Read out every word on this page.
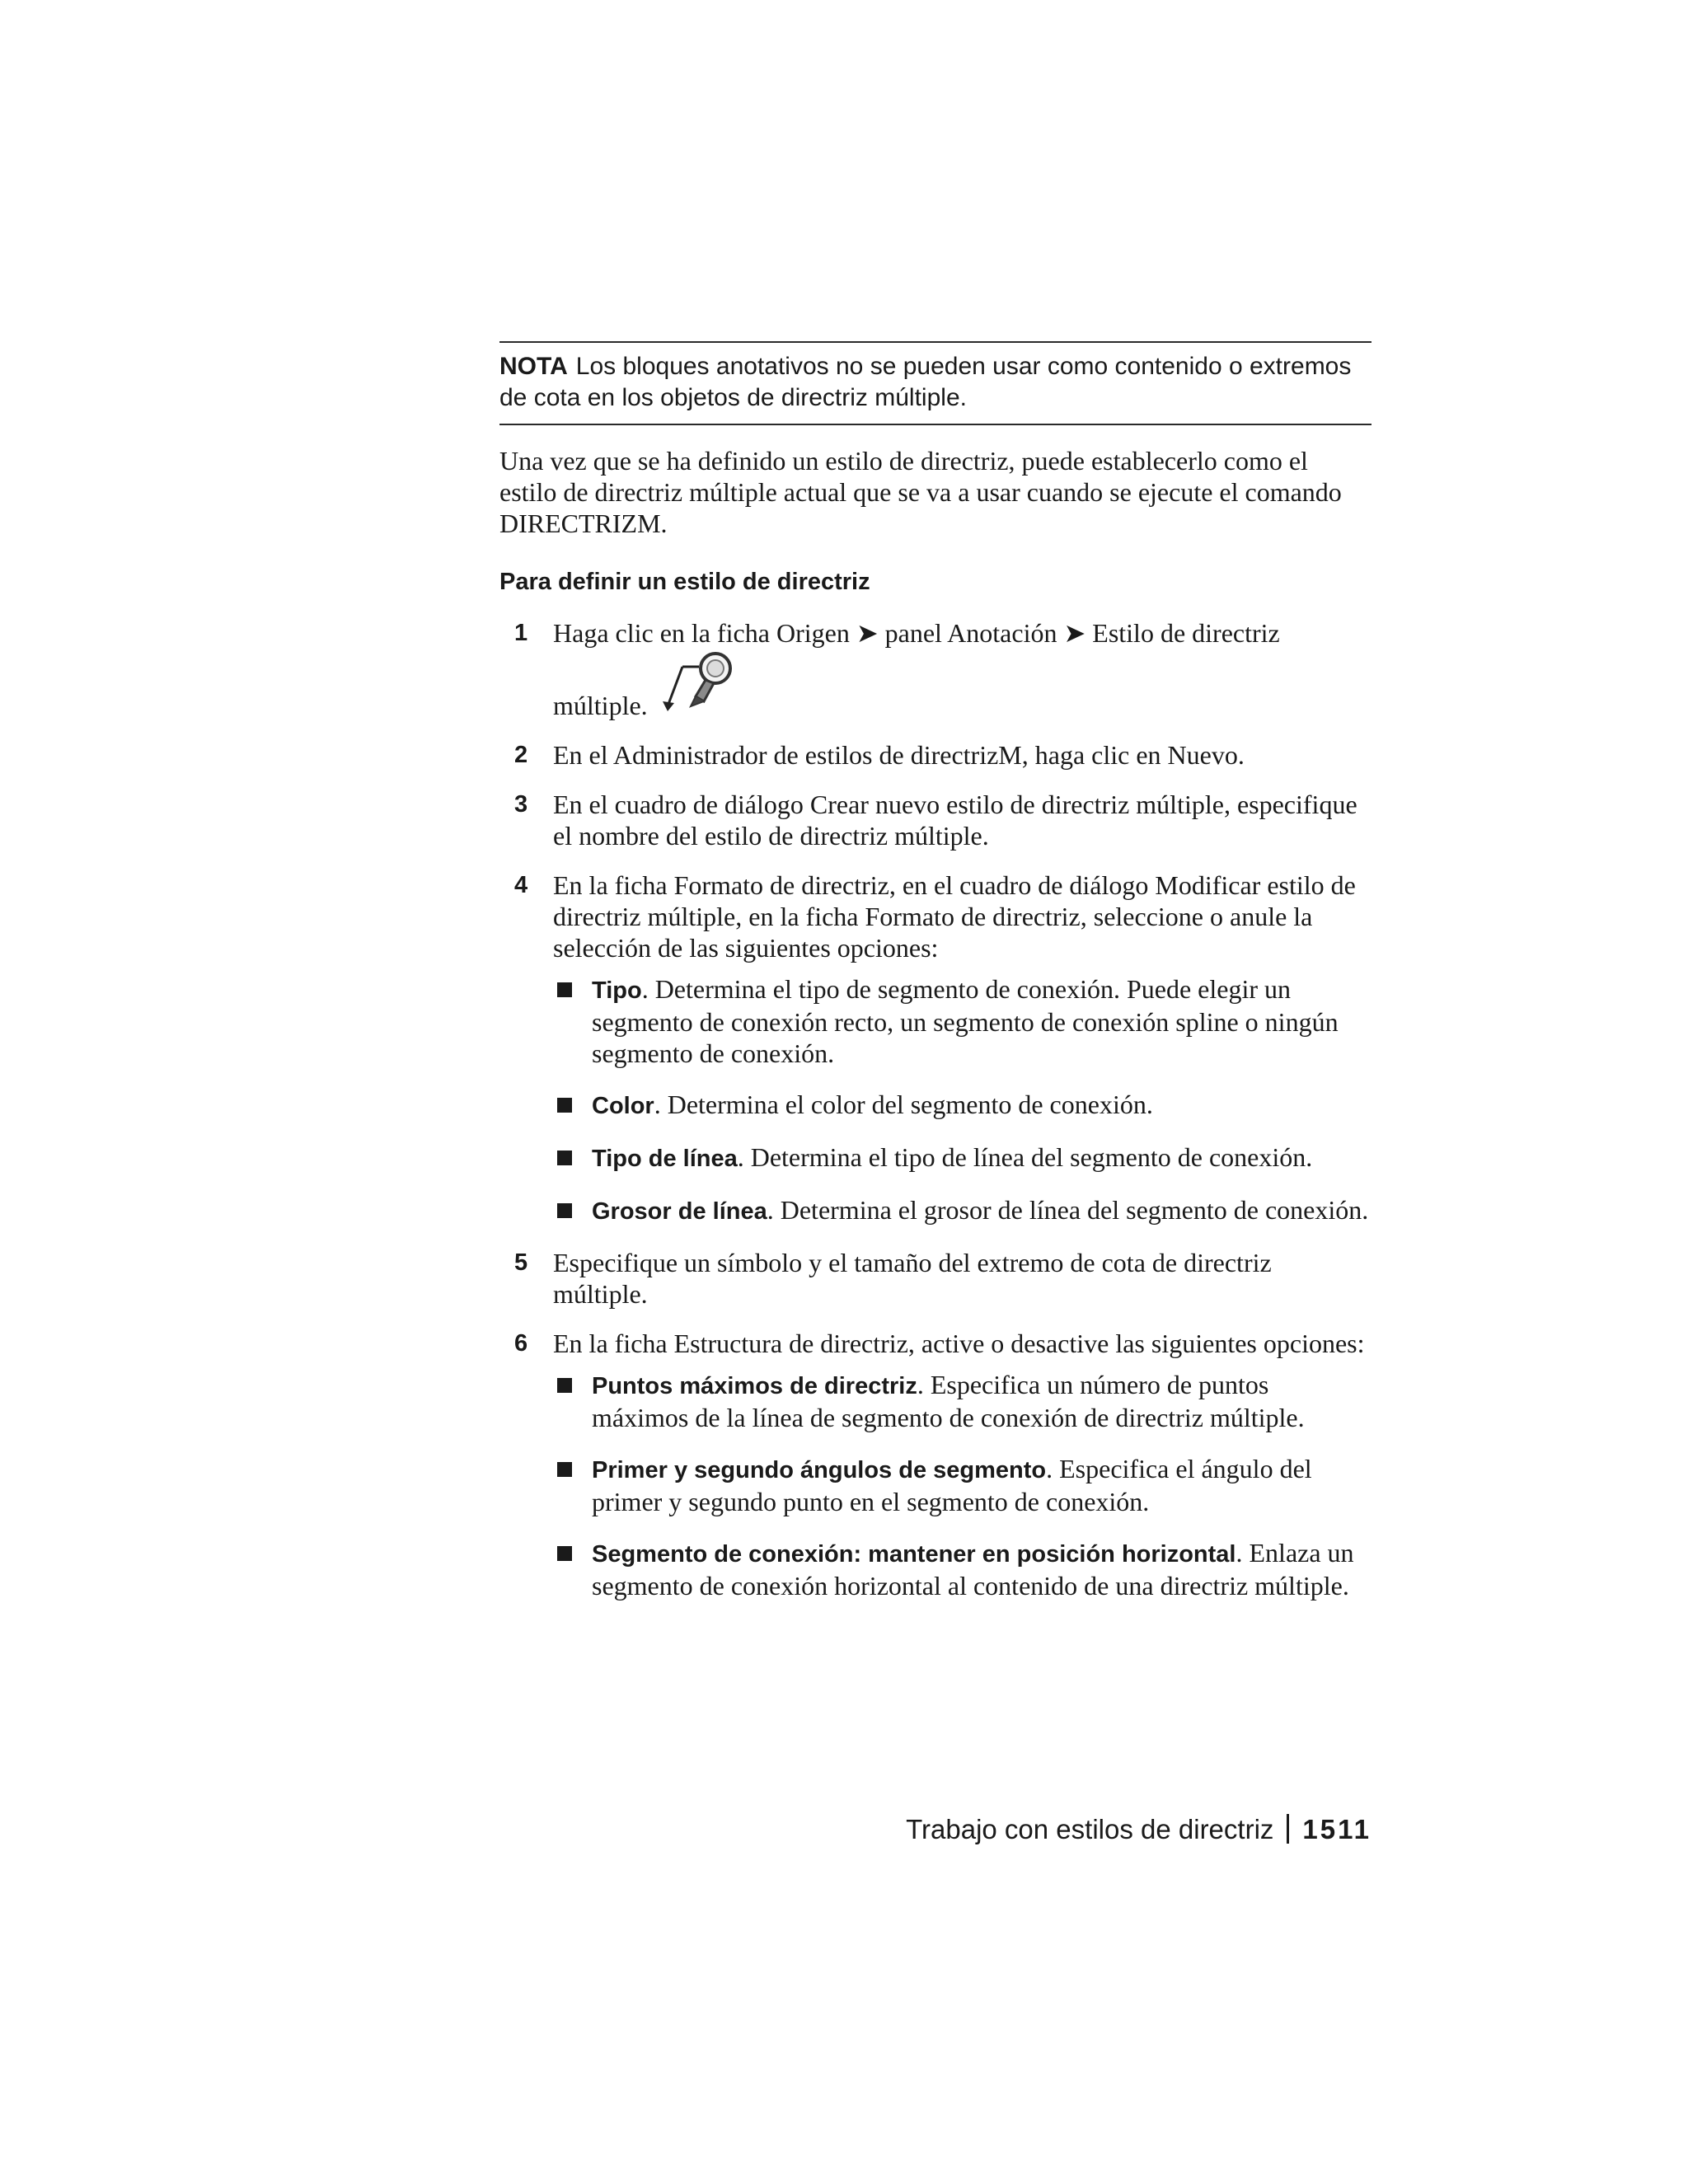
NOTA Los bloques anotativos no se pueden usar como contenido o extremos de cota en los objetos de directriz múltiple.

Una vez que se ha definido un estilo de directriz, puede establecerlo como el estilo de directriz múltiple actual que se va a usar cuando se ejecute el comando DIRECTRIZM.

Para definir un estilo de directriz
1 Haga clic en la ficha Origen ➤ panel Anotación ➤ Estilo de directriz
múltiple.
2 En el Administrador de estilos de directrizM, haga clic en Nuevo.
3 En el cuadro de diálogo Crear nuevo estilo de directriz múltiple, especifique el nombre del estilo de directriz múltiple.
4 En la ficha Formato de directriz, en el cuadro de diálogo Modificar estilo de directriz múltiple, en la ficha Formato de directriz, seleccione o anule la selección de las siguientes opciones:
Tipo. Determina el tipo de segmento de conexión. Puede elegir un segmento de conexión recto, un segmento de conexión spline o ningún segmento de conexión.
Color. Determina el color del segmento de conexión.
Tipo de línea. Determina el tipo de línea del segmento de conexión.
Grosor de línea. Determina el grosor de línea del segmento de conexión.
5 Especifique un símbolo y el tamaño del extremo de cota de directriz múltiple.
6 En la ficha Estructura de directriz, active o desactive las siguientes opciones:
Puntos máximos de directriz. Especifica un número de puntos máximos de la línea de segmento de conexión de directriz múltiple.
Primer y segundo ángulos de segmento. Especifica el ángulo del primer y segundo punto en el segmento de conexión.
Segmento de conexión: mantener en posición horizontal. Enlaza un segmento de conexión horizontal al contenido de una directriz múltiple.
Trabajo con estilos de directriz 1511
